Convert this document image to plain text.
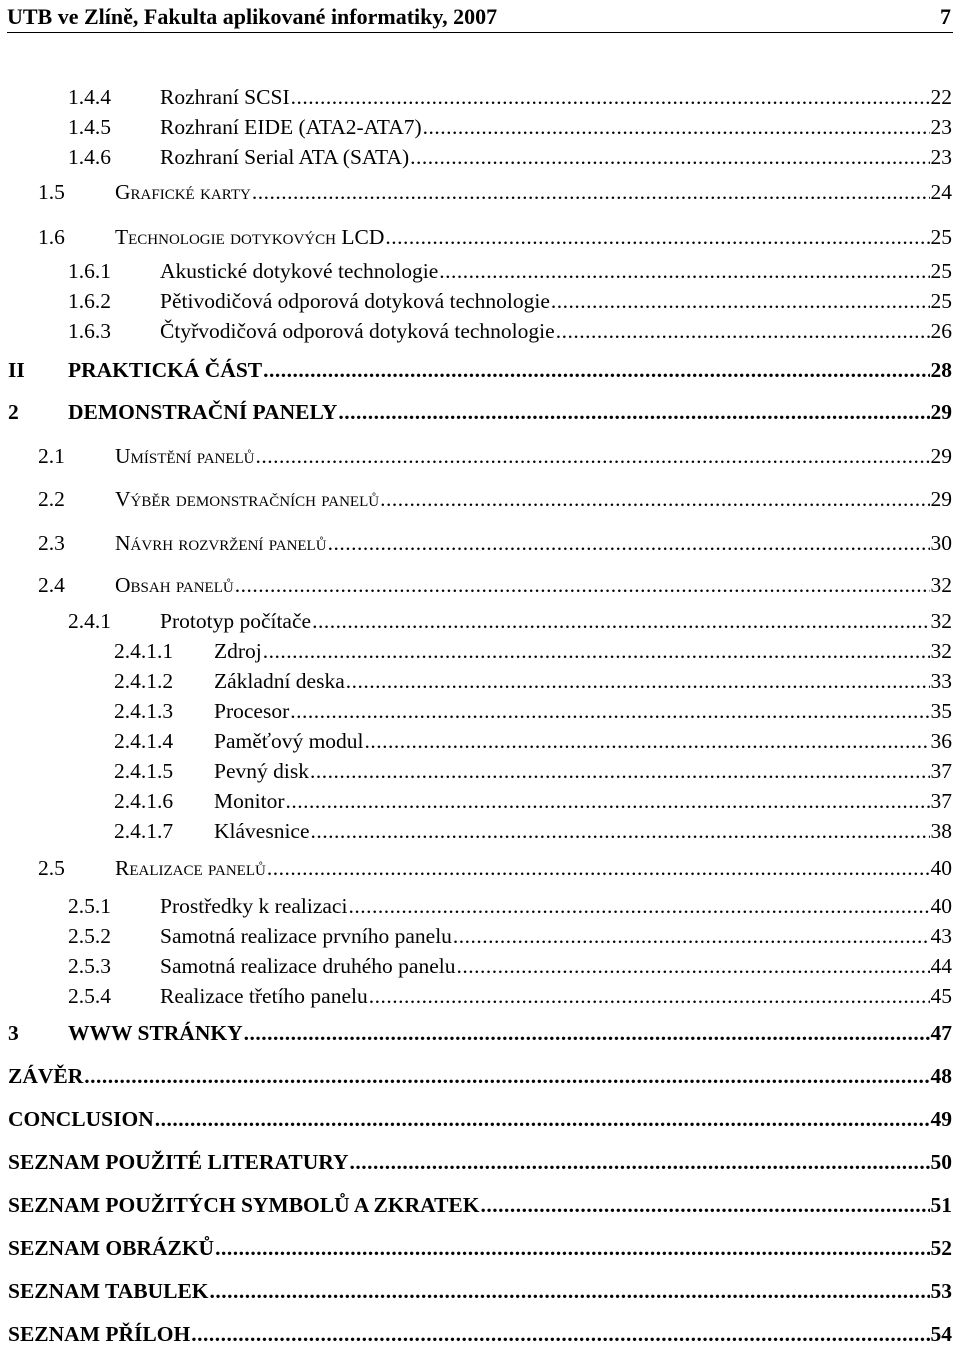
UTB ve Zlíně, Fakulta aplikované informatiky, 2007	7
1.4.4	Rozhraní SCSI .....	22
1.4.5	Rozhraní EIDE (ATA2-ATA7) .....	23
1.4.6	Rozhraní Serial ATA (SATA) .....	23
1.5	Grafické karty .....	24
1.6	Technologie dotykových LCD .....	25
1.6.1	Akustické dotykové technologie .....	25
1.6.2	Pětivodičová odporová dotyková technologie .....	25
1.6.3	Čtyřvodičová odporová dotyková technologie .....	26
II	PRAKTICKÁ ČÁST .....	28
2	DEMONSTRAČNÍ PANELY .....	29
2.1	Umístění panelů .....	29
2.2	Výběr demonstračních panelů .....	29
2.3	Návrh rozvržení panelů .....	30
2.4	Obsah panelů .....	32
2.4.1	Prototyp počítače .....	32
2.4.1.1	Zdroj .....	32
2.4.1.2	Základní deska .....	33
2.4.1.3	Procesor .....	35
2.4.1.4	Paměťový modul .....	36
2.4.1.5	Pevný disk .....	37
2.4.1.6	Monitor .....	37
2.4.1.7	Klávesnice .....	38
2.5	Realizace panelů .....	40
2.5.1	Prostředky k realizaci .....	40
2.5.2	Samotná realizace prvního panelu .....	43
2.5.3	Samotná realizace druhého panelu .....	44
2.5.4	Realizace třetího panelu .....	45
3	WWW STRÁNKY .....	47
ZÁVĚR .....	48
CONCLUSION .....	49
SEZNAM POUŽITÉ LITERATURY .....	50
SEZNAM POUŽITÝCH SYMBOLŮ A ZKRATEK .....	51
SEZNAM OBRÁZKŮ .....	52
SEZNAM TABULEK .....	53
SEZNAM PŘÍLOH .....	54
